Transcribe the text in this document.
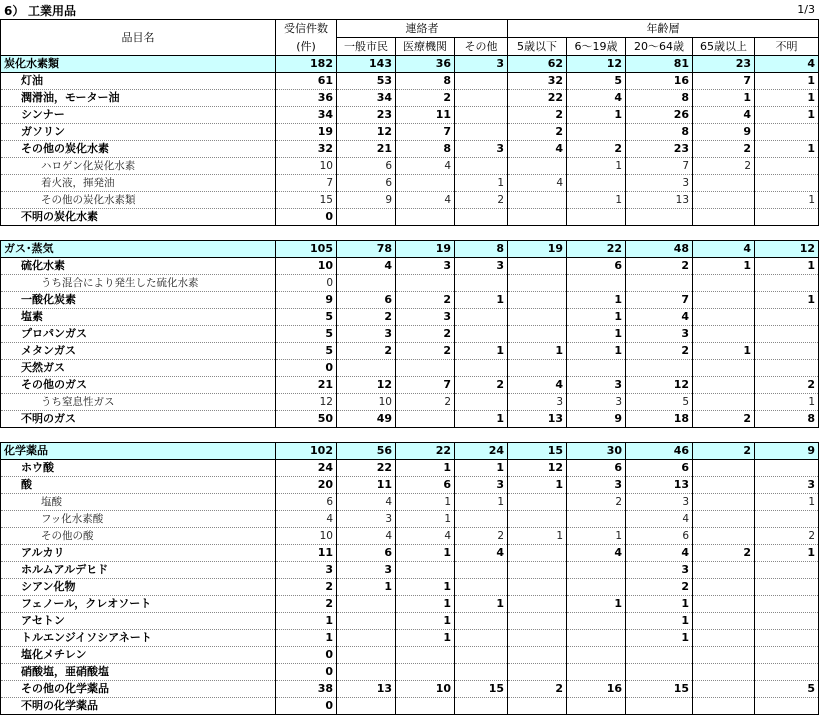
6） 工業用品	1/3
品目名	受信件数	連絡者			年齢層				
	(件)	一般市民	医療機関	その他	5歳以下	6～19歳	20～64歳	65歳以上	不明
炭化水素類	182	143	36	3	62	12	81	23	4
灯油	61	53	8		32	5	16	7	1
潤滑油，モーター油	36	34	2		22	4	8	1	1
シンナー	34	23	11		2	1	26	4	1
ガソリン	19	12	7		2		8	9	
その他の炭化水素	32	21	8	3	4	2	23	2	1
ハロゲン化炭化水素	10	6	4			1	7	2	
着火液，揮発油	7	6		1	4		3		
その他の炭化水素類	15	9	4	2		1	13		1
不明の炭化水素	0								

ガス･蒸気	105	78	19	8	19	22	48	4	12
硫化水素	10	4	3	3		6	2	1	1
うち混合により発生した硫化水素	0								
一酸化炭素	9	6	2	1		1	7		1
塩素	5	2	3			1	4		
プロパンガス	5	3	2			1	3		
メタンガス	5	2	2	1	1	1	2	1	
天然ガス	0								
その他のガス	21	12	7	2	4	3	12		2
うち窒息性ガス	12	10	2		3	3	5		1
不明のガス	50	49		1	13	9	18	2	8

化学薬品	102	56	22	24	15	30	46	2	9
ホウ酸	24	22	1	1	12	6	6		
酸	20	11	6	3	1	3	13		3
塩酸	6	4	1	1		2	3		1
フッ化水素酸	4	3	1				4		
その他の酸	10	4	4	2	1	1	6		2
アルカリ	11	6	1	4		4	4	2	1
ホルムアルデヒド	3	3					3		
シアン化物	2	1	1				2		
フェノール，クレオソート	2		1	1		1	1		
アセトン	1		1				1		
トルエンジイソシアネート	1		1				1		
塩化メチレン	0								
硝酸塩，亜硝酸塩	0								
その他の化学薬品	38	13	10	15	2	16	15		5
不明の化学薬品	0								
